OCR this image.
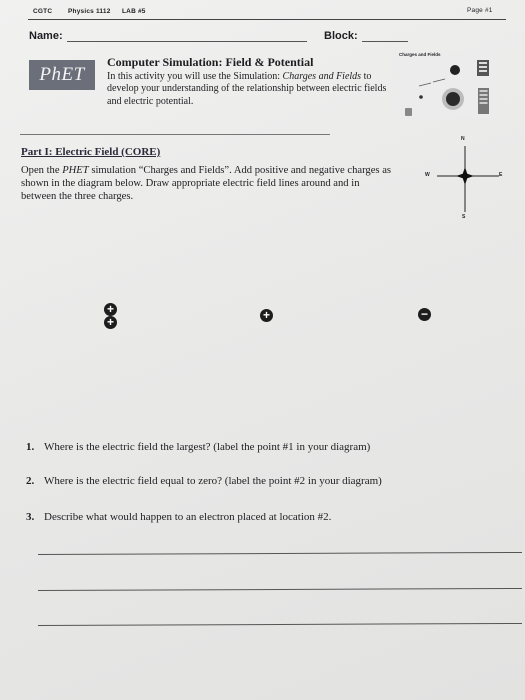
CGTC Physics 1112 LAB #5	Page #1
Name:	Block:
PhET
Computer Simulation: Field & Potential
In this activity you will use the Simulation: Charges and Fields to develop your understanding of the relationship between electric fields and electric potential.
Charges and Fields
Part I: Electric Field (CORE)
Open the PHET simulation “Charges and Fields”. Add positive and negative charges as shown in the diagram below. Draw appropriate electric field lines around and in between the three charges.
N
S
E
W
+
+	+	−
1. Where is the electric field the largest? (label the point #1 in your diagram)
2. Where is the electric field equal to zero? (label the point #2 in your diagram)
3. Describe what would happen to an electron placed at location #2.
